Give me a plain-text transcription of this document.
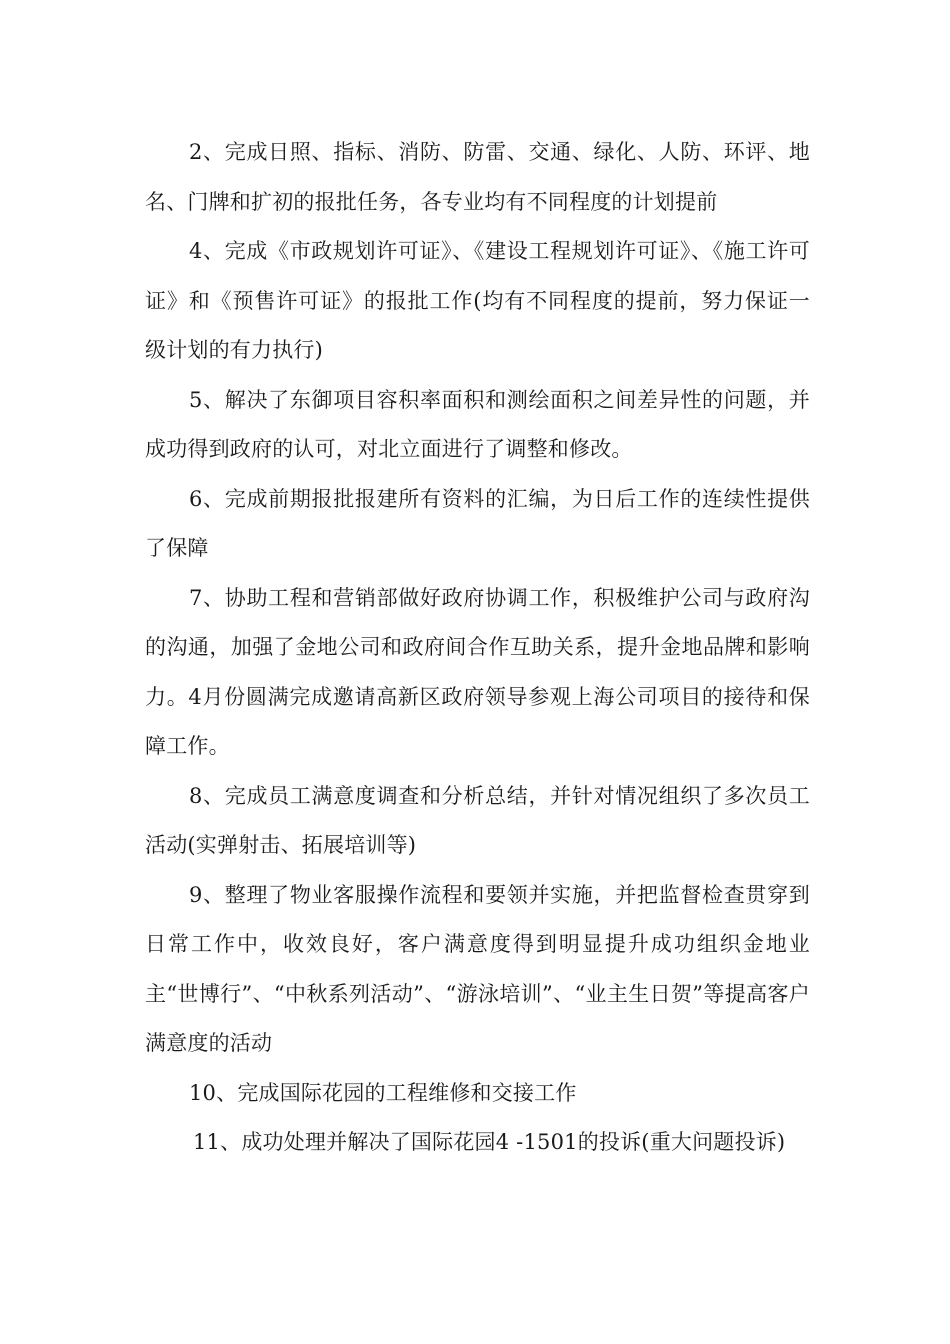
2、完成日照、指标、消防、防雷、交通、绿化、人防、环评、地名、门牌和扩初的报批任务，各专业均有不同程度的计划提前

4、完成《市政规划许可证》、《建设工程规划许可证》、《施工许可证》和《预售许可证》的报批工作(均有不同程度的提前，努力保证一级计划的有力执行)

5、解决了东御项目容积率面积和测绘面积之间差异性的问题，并成功得到政府的认可，对北立面进行了调整和修改。

6、完成前期报批报建所有资料的汇编，为日后工作的连续性提供了保障

7、协助工程和营销部做好政府协调工作，积极维护公司与政府沟的沟通，加强了金地公司和政府间合作互助关系，提升金地品牌和影响力。4月份圆满完成邀请高新区政府领导参观上海公司项目的接待和保障工作。

8、完成员工满意度调查和分析总结，并针对情况组织了多次员工活动(实弹射击、拓展培训等)

9、整理了物业客服操作流程和要领并实施，并把监督检查贯穿到日常工作中，收效良好，客户满意度得到明显提升成功组织金地业主“世博行”、“中秋系列活动”、“游泳培训”、“业主生日贺”等提高客户满意度的活动

10、完成国际花园的工程维修和交接工作

11、成功处理并解决了国际花园4 -1501的投诉(重大问题投诉)
